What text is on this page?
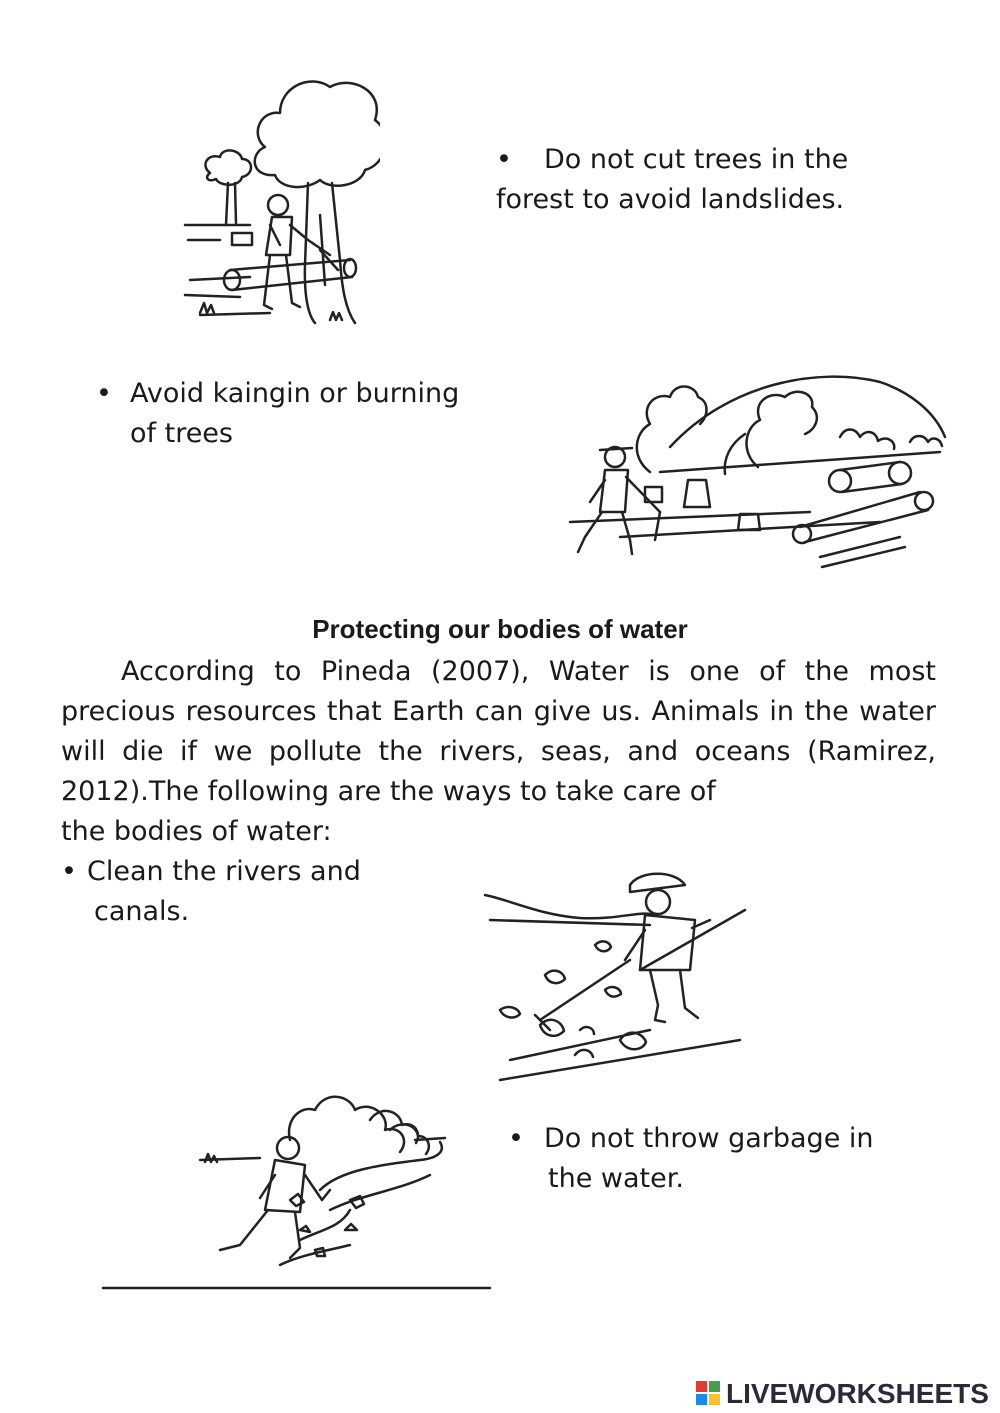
• Do not cut trees in the
forest to avoid landslides.
• Avoid kaingin or burning
of trees
Protecting our bodies of water
According to Pineda (2007), Water is one of the most precious resources that Earth can give us. Animals in the water will die if we pollute the rivers, seas, and oceans (Ramirez, 2012).The following are the ways to take care of
the bodies of water:
• Clean the rivers and
canals.
• Do not throw garbage in
the water.
LIVEWORKSHEETS
